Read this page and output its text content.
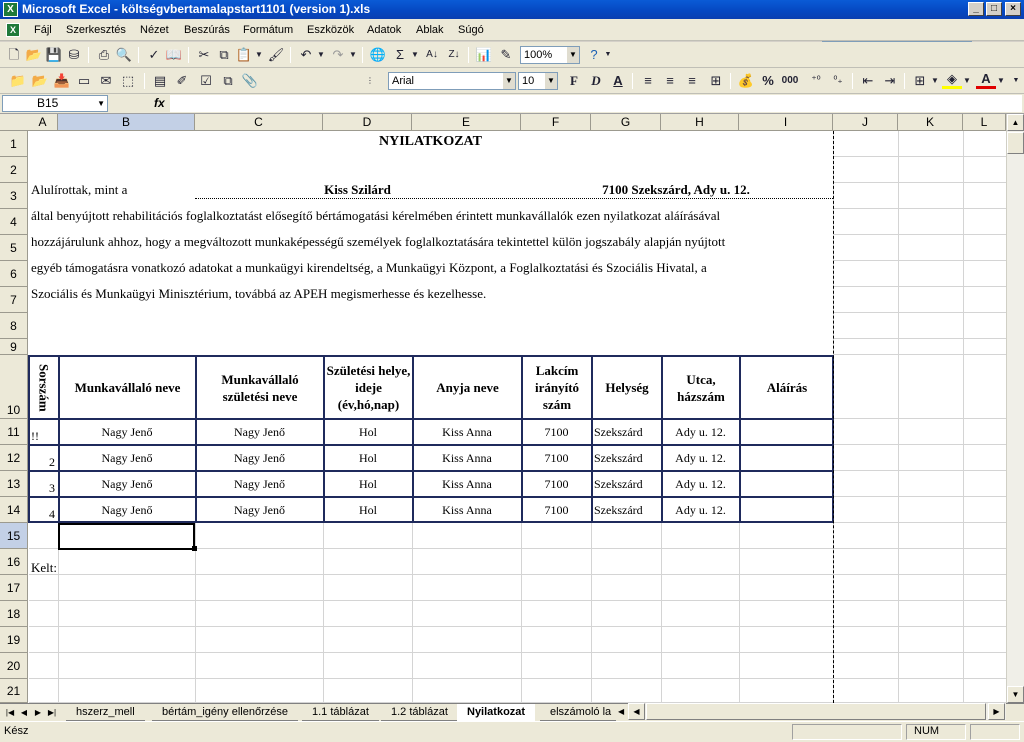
X Microsoft Excel - költségvbertamalapstart1101 (version 1).xls	_	□	×
X	Fájl Szerkesztés Nézet Beszúrás Formátum Eszközök Adatok Ablak Súgó
🗋 📂 💾 ⛁	⎙ 🔍	✓ 📖	✂ ⧉ 📋 ▼ 🖌	↶ ▼ ↷ ▼ 🌐 Σ ▼ A↓	Z↓	📊 ✎	100% ▼	? ▼
📁 📂 📥 ▭ ✉ ⬚ ▤ ✐ ☑ ⧉ 📎	⋮	Arial	▼ 10 ▼	F	D A	≡	≡	≡	⊞	💰 % 000	⁺⁰	⁰₊	⇤ ⇥	⊞ ▼ ◈ ▼ A ▼ ▼
B15	▼	fx
A	B	C	D	E	F	G	H	I	J	K	L
1
2
3
4
5
6
7
8
9
10
11
12
13
14
15
16
17
18
19
20
21
NYILATKOZAT
Alulírottak, mint a	Kiss Szilárd	7100 Szekszárd, Ady u. 12.
által benyújtott rehabilitációs foglalkoztatást elősegítő bértámogatási kérelmében érintett munkavállalók ezen nyilatkozat aláírásával
hozzájárulunk ahhoz, hogy a megváltozott munkaképességű személyek foglalkoztatására tekintettel külön jogszabály alapján nyújtott
egyéb támogatásra vonatkozó adatokat a munkaügyi kirendeltség, a Munkaügyi Központ, a Foglalkoztatási és Szociális Hivatal, a
Szociális és Munkaügyi Minisztérium, továbbá az APEH megismerhesse és kezelhesse.
Kelt:
Sorszám	Munkavállaló neve
Munkavállaló születési neve
Születési helye, ideje (év,hó,nap)
Anyja neve
Lakcím irányító szám
Helység
Utca, házszám
Aláírás
!!	Nagy Jenő	Nagy Jenő	Hol	Kiss Anna	7100	Szekszárd	Ady u. 12.
2	Nagy Jenő	Nagy Jenő	Hol	Kiss Anna	7100	Szekszárd	Ady u. 12.
3	Nagy Jenő	Nagy Jenő	Hol	Kiss Anna	7100	Szekszárd	Ady u. 12.
4	Nagy Jenő	Nagy Jenő	Hol	Kiss Anna	7100	Szekszárd	Ady u. 12.
▲
▼
|◀ ◀ ▶ ▶|	hszerz_mell	bértám_igény ellenőrzése	1.1 táblázat	1.2 táblázat	Nyilatkozat	elszámoló la ◀	◀	▶
Kész	NUM
